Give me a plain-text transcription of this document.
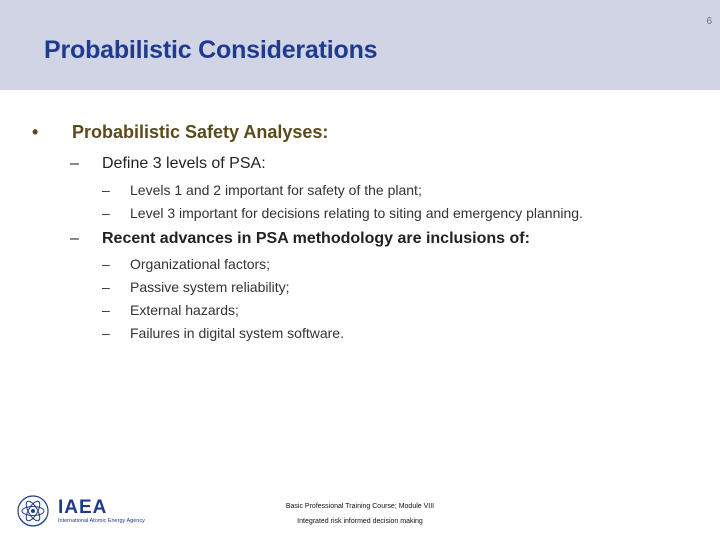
6
Probabilistic Considerations
• Probabilistic Safety Analyses:
– Define 3 levels of PSA:
– Levels 1 and 2 important for safety of the plant;
– Level 3 important for decisions relating to siting and emergency planning.
– Recent advances in PSA methodology are inclusions of:
– Organizational factors;
– Passive system reliability;
– External hazards;
– Failures in digital system software.
IAEA
International Atomic Energy Agency
Basic Professional Training Course; Module VIII
Integrated risk informed decision making
